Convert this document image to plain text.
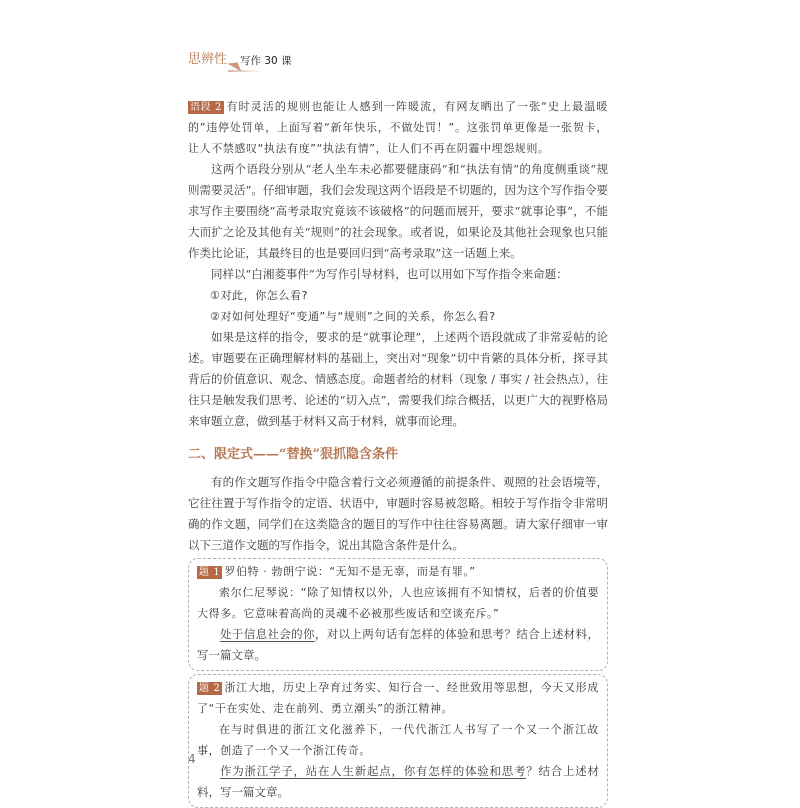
思辨性 写作 30 课

语段 2 有时灵活的规则也能让人感到一阵暖流，有网友晒出了一张“史上最温暖的”违停处罚单，上面写着“新年快乐，不做处罚！”。这张罚单更像是一张贺卡，让人不禁感叹“执法有度”“执法有情”，让人们不再在阴霾中埋怨规则。

这两个语段分别从“老人坐车未必都要健康码”和“执法有情”的角度侧重谈“规则需要灵活”。仔细审题，我们会发现这两个语段是不切题的，因为这个写作指令要求写作主要围绕“高考录取究竟该不该破格”的问题而展开，要求“就事论事”，不能大而扩之论及其他有关“规则”的社会现象。或者说，如果论及其他社会现象也只能作类比论证，其最终目的也是要回归到“高考录取”这一话题上来。

同样以“白湘菱事件”为写作引导材料，也可以用如下写作指令来命题：

①对此，你怎么看?

②对如何处理好“变通”与“规则”之间的关系，你怎么看?

如果是这样的指令，要求的是“就事论理”，上述两个语段就成了非常妥帖的论述。审题要在正确理解材料的基础上，突出对“现象”切中肯綮的具体分析，探寻其背后的价值意识、观念、情感态度。命题者给的材料（现象 / 事实 / 社会热点），往往只是触发我们思考、论述的“切入点”，需要我们综合概括，以更广大的视野格局来审题立意，做到基于材料又高于材料，就事而论理。

二、限定式——“替换”狠抓隐含条件

有的作文题写作指令中隐含着行文必须遵循的前提条件、观照的社会语境等，它往往置于写作指令的定语、状语中，审题时容易被忽略。相较于写作指令非常明确的作文题，同学们在这类隐含的题目的写作中往往容易离题。请大家仔细审一审以下三道作文题的写作指令，说出其隐含条件是什么。

题 1 罗伯特 · 勃朗宁说：“无知不是无辜，而是有罪。”

索尔仁尼琴说：“除了知情权以外，人也应该拥有不知情权，后者的价值要大得多。它意味着高尚的灵魂不必被那些废话和空谈充斥。”

处于信息社会的你，对以上两句话有怎样的体验和思考？结合上述材料，写一篇文章。

题 2 浙江大地，历史上孕育过务实、知行合一、经世致用等思想，今天又形成了“干在实处、走在前列、勇立潮头”的浙江精神。

在与时俱进的浙江文化滋养下，一代代浙江人书写了一个又一个浙江故事，创造了一个又一个浙江传奇。

作为浙江学子，站在人生新起点，你有怎样的体验和思考？结合上述材料，写一篇文章。

4
